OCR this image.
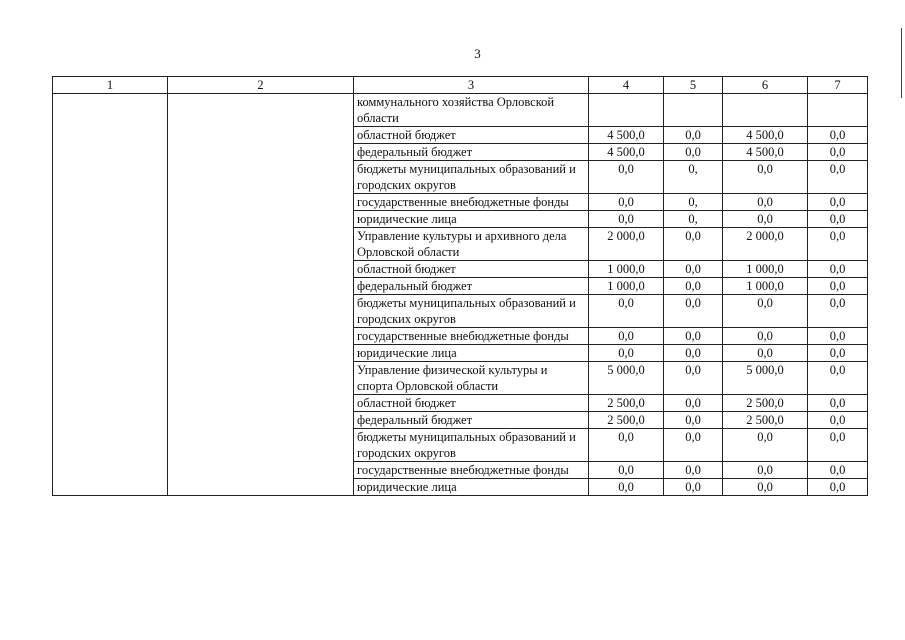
3
1	2	3	4	5	6	7
		коммунального хозяйства Орловской области				
		областной бюджет	4 500,0	0,0	4 500,0	0,0
		федеральный бюджет	4 500,0	0,0	4 500,0	0,0
		бюджеты муниципальных образований и городских округов	0,0	0,	0,0	0,0
		государственные внебюджетные фонды	0,0	0,	0,0	0,0
		юридические лица	0,0	0,	0,0	0,0
		Управление культуры и архивного дела Орловской области	2 000,0	0,0	2 000,0	0,0
		областной бюджет	1 000,0	0,0	1 000,0	0,0
		федеральный бюджет	1 000,0	0,0	1 000,0	0,0
		бюджеты муниципальных образований и городских округов	0,0	0,0	0,0	0,0
		государственные внебюджетные фонды	0,0	0,0	0,0	0,0
		юридические лица	0,0	0,0	0,0	0,0
		Управление физической культуры и спорта Орловской области	5 000,0	0,0	5 000,0	0,0
		областной бюджет	2 500,0	0,0	2 500,0	0,0
		федеральный бюджет	2 500,0	0,0	2 500,0	0,0
		бюджеты муниципальных образований и городских округов	0,0	0,0	0,0	0,0
		государственные внебюджетные фонды	0,0	0,0	0,0	0,0
		юридические лица	0,0	0,0	0,0	0,0
